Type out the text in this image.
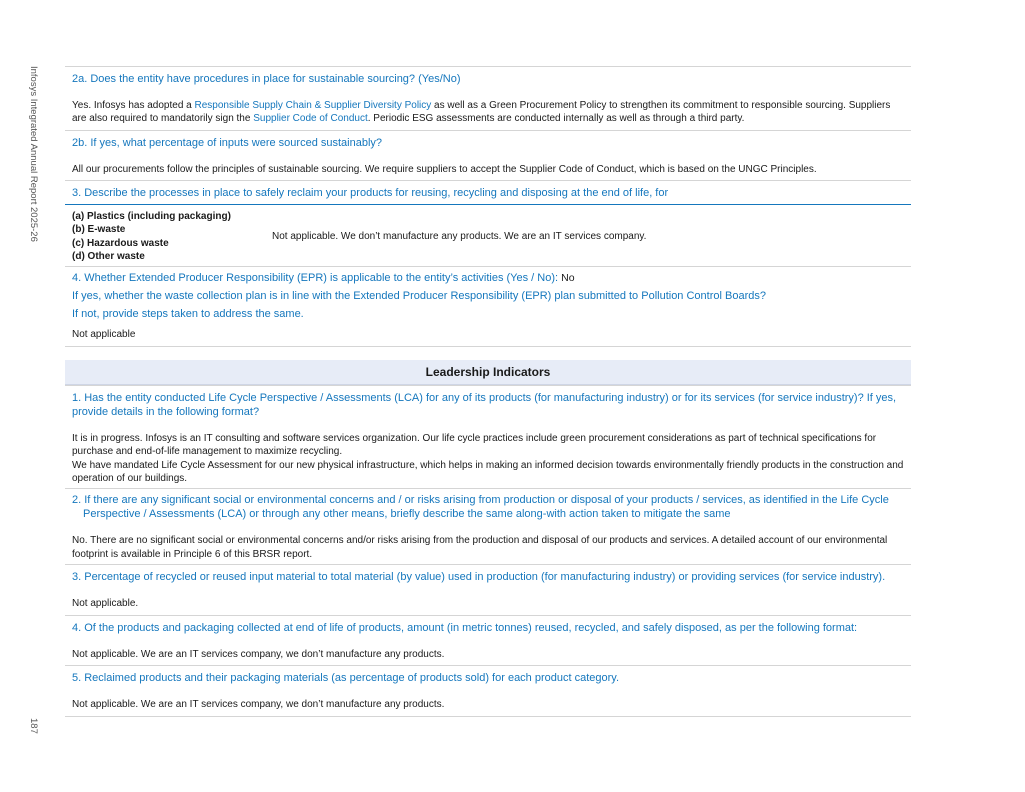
Infosys Integrated Annual Report 2025-26
187
2a. Does the entity have procedures in place for sustainable sourcing? (Yes/No)
Yes. Infosys has adopted a Responsible Supply Chain & Supplier Diversity Policy as well as a Green Procurement Policy to strengthen its commitment to responsible sourcing. Suppliers are also required to mandatorily sign the Supplier Code of Conduct. Periodic ESG assessments are conducted internally as well as through a third party.
2b. If yes, what percentage of inputs were sourced sustainably?
All our procurements follow the principles of sustainable sourcing. We require suppliers to accept the Supplier Code of Conduct, which is based on the UNGC Principles.
3. Describe the processes in place to safely reclaim your products for reusing, recycling and disposing at the end of life, for
(a) Plastics (including packaging)
(b) E-waste
(c) Hazardous waste
(d) Other waste
Not applicable. We don’t manufacture any products. We are an IT services company.
4. Whether Extended Producer Responsibility (EPR) is applicable to the entity’s activities (Yes / No): No
If yes, whether the waste collection plan is in line with the Extended Producer Responsibility (EPR) plan submitted to Pollution Control Boards?
If not, provide steps taken to address the same.
Not applicable
Leadership Indicators
1. Has the entity conducted Life Cycle Perspective / Assessments (LCA) for any of its products (for manufacturing industry) or for its services (for service industry)? If yes, provide details in the following format?
It is in progress. Infosys is an IT consulting and software services organization. Our life cycle practices include green procurement considerations as part of technical specifications for purchase and end-of-life management to maximize recycling.
We have mandated Life Cycle Assessment for our new physical infrastructure, which helps in making an informed decision towards environmentally friendly products in the construction and operation of our buildings.
2. If there are any significant social or environmental concerns and / or risks arising from production or disposal of your products / services, as identified in the Life Cycle Perspective / Assessments (LCA) or through any other means, briefly describe the same along-with action taken to mitigate the same
No. There are no significant social or environmental concerns and/or risks arising from the production and disposal of our products and services. A detailed account of our environmental footprint is available in Principle 6 of this BRSR report.
3. Percentage of recycled or reused input material to total material (by value) used in production (for manufacturing industry) or providing services (for service industry).
Not applicable.
4. Of the products and packaging collected at end of life of products, amount (in metric tonnes) reused, recycled, and safely disposed, as per the following format:
Not applicable. We are an IT services company, we don’t manufacture any products.
5. Reclaimed products and their packaging materials (as percentage of products sold) for each product category.
Not applicable. We are an IT services company, we don’t manufacture any products.
